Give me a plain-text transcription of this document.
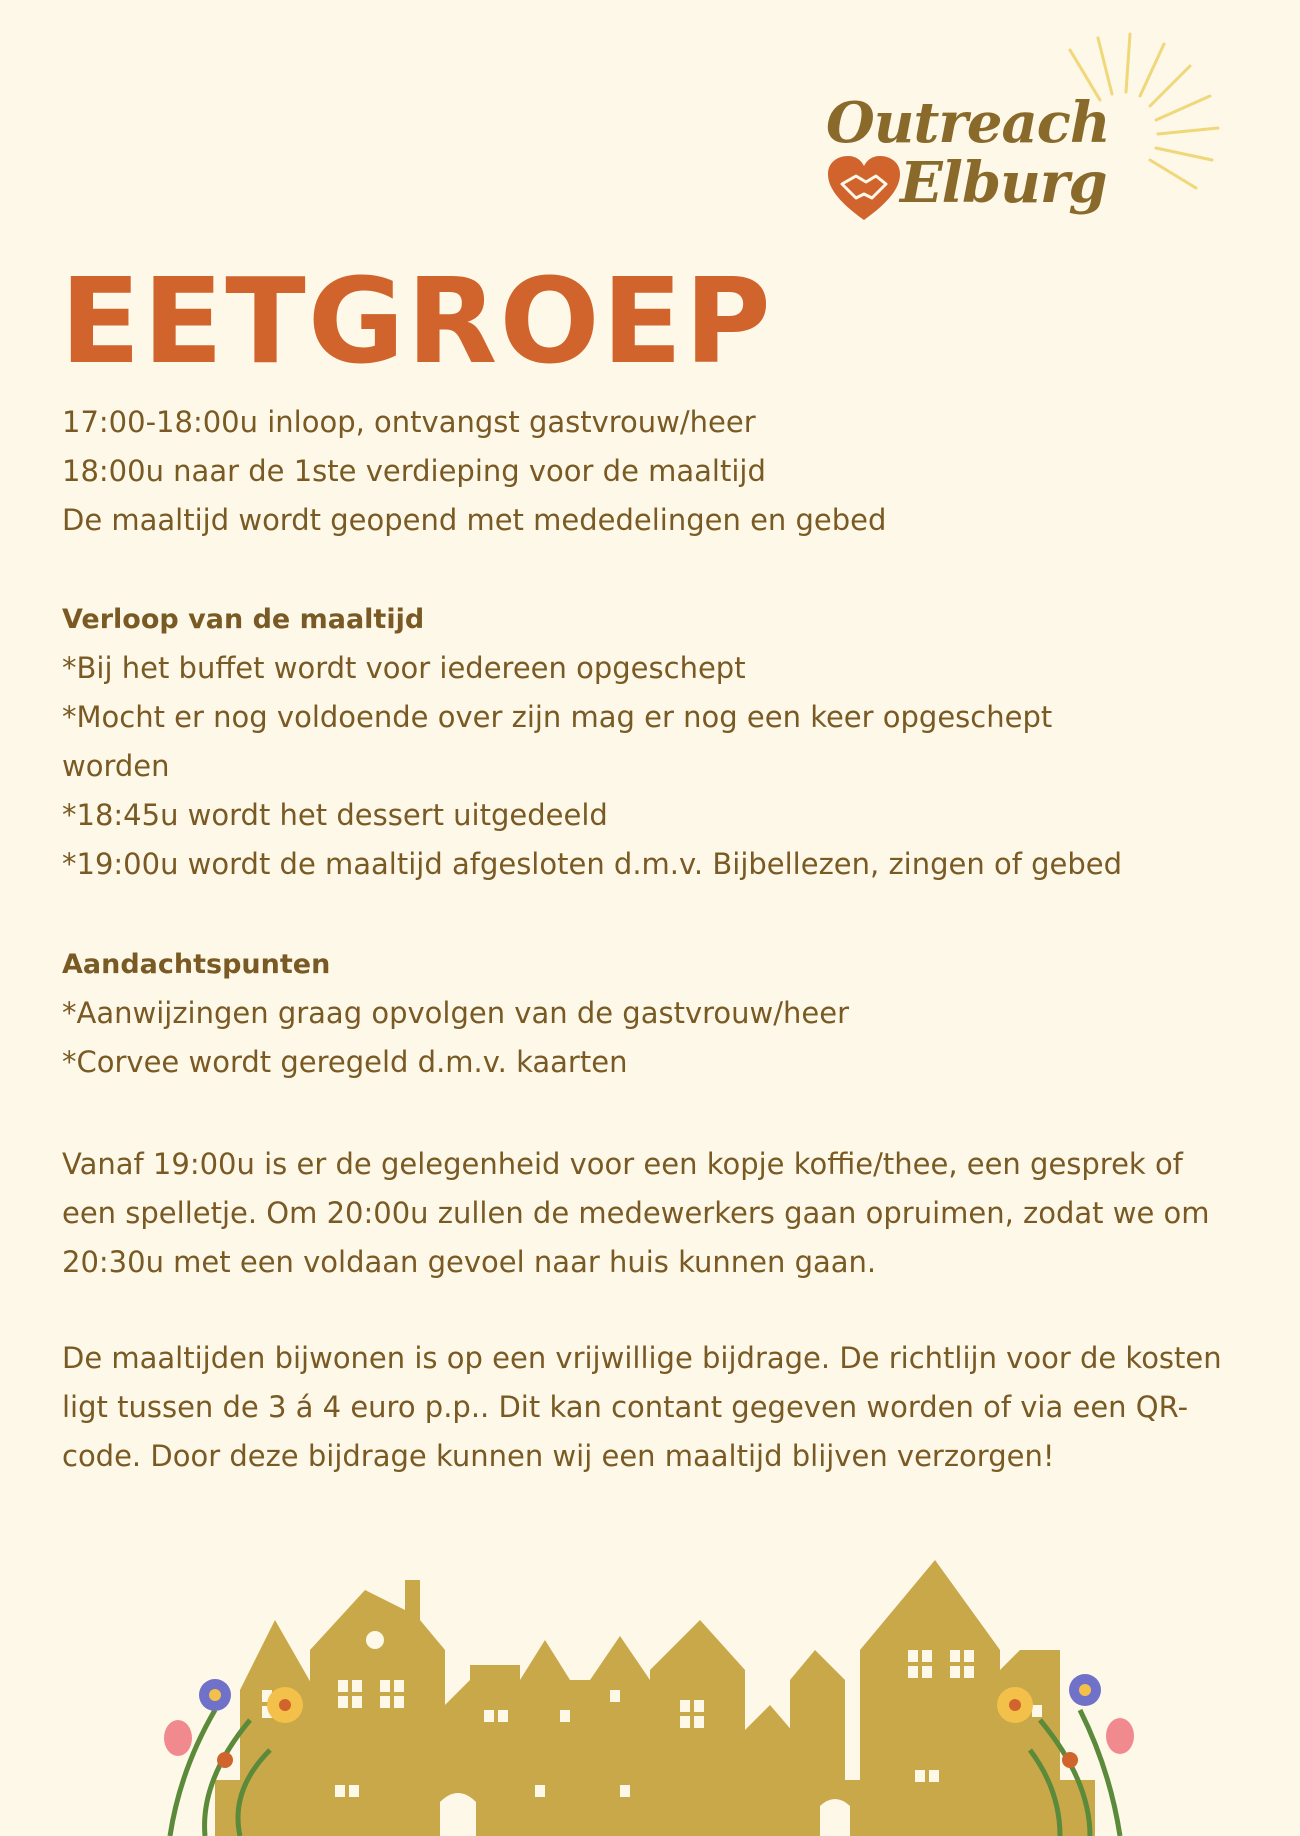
Outreach
Elburg
EETGROEP

17:00-18:00u inloop, ontvangst gastvrouw/heer

18:00u naar de 1ste verdieping voor de maaltijd

De maaltijd wordt geopend met mededelingen en gebed

Verloop van de maaltijd

*Bij het buffet wordt voor iedereen opgeschept

*Mocht er nog voldoende over zijn mag er nog een keer opgeschept worden

*18:45u wordt het dessert uitgedeeld

*19:00u wordt de maaltijd afgesloten d.m.v. Bijbellezen, zingen of gebed

Aandachtspunten

*Aanwijzingen graag opvolgen van de gastvrouw/heer

*Corvee wordt geregeld d.m.v. kaarten

Vanaf 19:00u is er de gelegenheid voor een kopje koffie/thee, een gesprek of een spelletje. Om 20:00u zullen de medewerkers gaan opruimen, zodat we om 20:30u met een voldaan gevoel naar huis kunnen gaan.

De maaltijden bijwonen is op een vrijwillige bijdrage. De richtlijn voor de kosten ligt tussen de 3 á 4 euro p.p.. Dit kan contant gegeven worden of via een QR-code. Door deze bijdrage kunnen wij een maaltijd blijven verzorgen!
